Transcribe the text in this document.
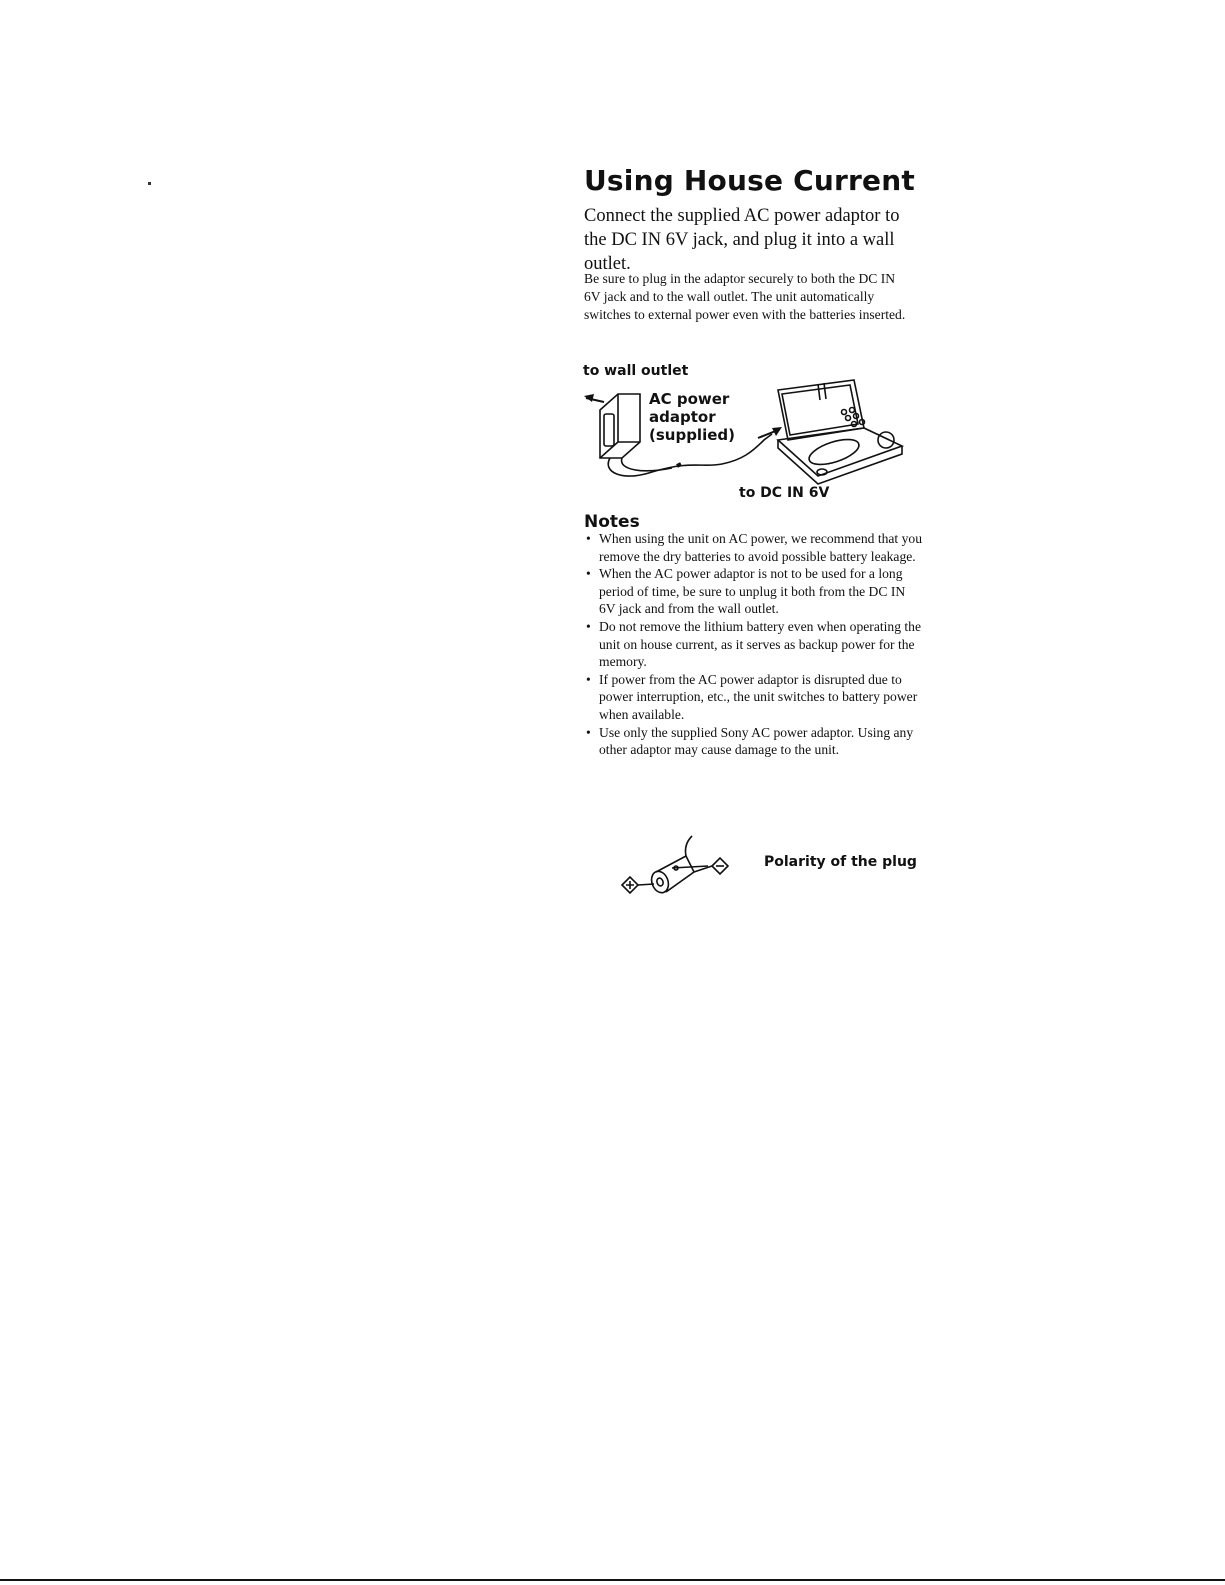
Using House Current

Connect the supplied AC power adaptor to the DC IN 6V jack, and plug it into a wall outlet.

Be sure to plug in the adaptor securely to both the DC IN 6V jack and to the wall outlet. The unit automatically switches to external power even with the batteries inserted.

to wall outlet
AC power adaptor (supplied)
to DC IN 6V
Notes
• When using the unit on AC power, we recommend that you remove the dry batteries to avoid possible battery leakage.
• When the AC power adaptor is not to be used for a long period of time, be sure to unplug it both from the DC IN 6V jack and from the wall outlet.
• Do not remove the lithium battery even when operating the unit on house current, as it serves as backup power for the memory.
• If power from the AC power adaptor is disrupted due to power interruption, etc., the unit switches to battery power when available.
• Use only the supplied Sony AC power adaptor. Using any other adaptor may cause damage to the unit.
Polarity of the plug
